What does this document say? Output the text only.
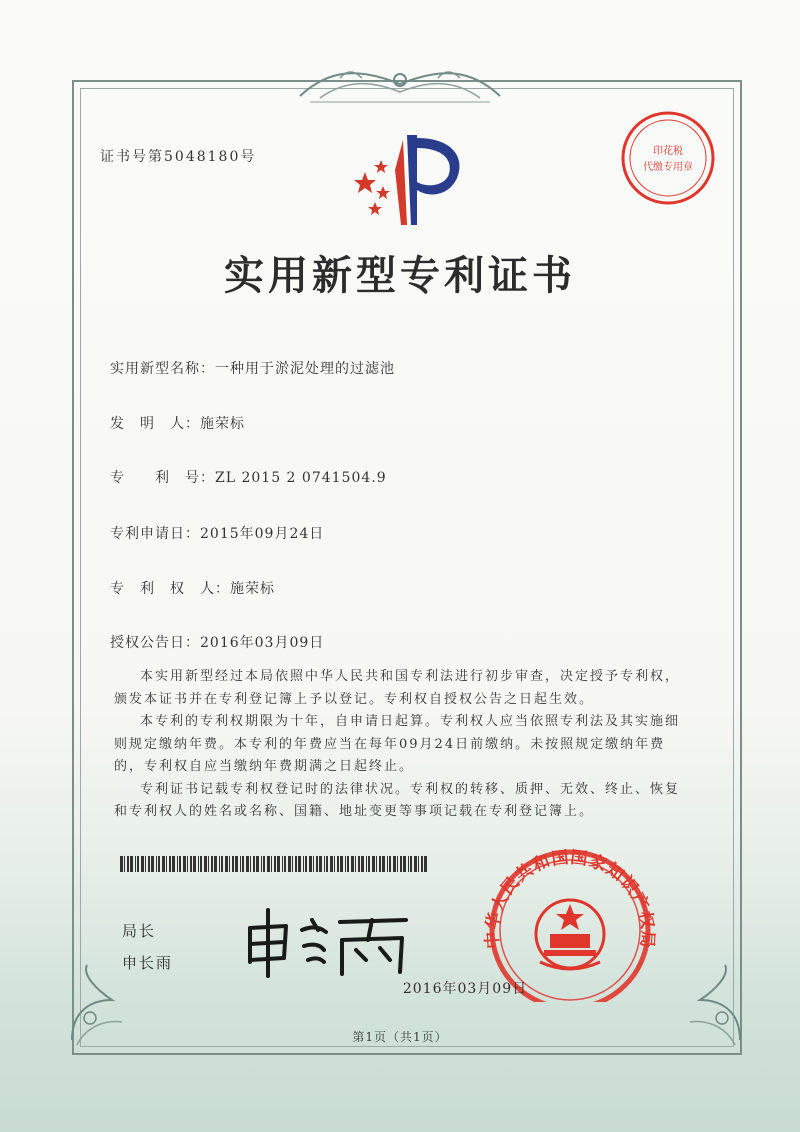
证书号第5048180号	印花税
代缴专用章
实用新型专利证书
实用新型名称：一种用于淤泥处理的过滤池
发　明　人：施荣标
专　　利　号：ZL 2015 2 0741504.9
专利申请日：2015年09月24日
专　利　权　人：施荣标
授权公告日：2016年03月09日

本实用新型经过本局依照中华人民共和国专利法进行初步审查，决定授予专利权，颁发本证书并在专利登记簿上予以登记。专利权自授权公告之日起生效。

本专利的专利权期限为十年，自申请日起算。专利权人应当依照专利法及其实施细则规定缴纳年费。本专利的年费应当在每年09月24日前缴纳。未按照规定缴纳年费的，专利权自应当缴纳年费期满之日起终止。

专利证书记载专利权登记时的法律状况。专利权的转移、质押、无效、终止、恢复和专利权人的姓名或名称、国籍、地址变更等事项记载在专利登记簿上。

局长
申长雨
中华人民共和国国家知识产权局
2016年03月09日
第1页（共1页）
